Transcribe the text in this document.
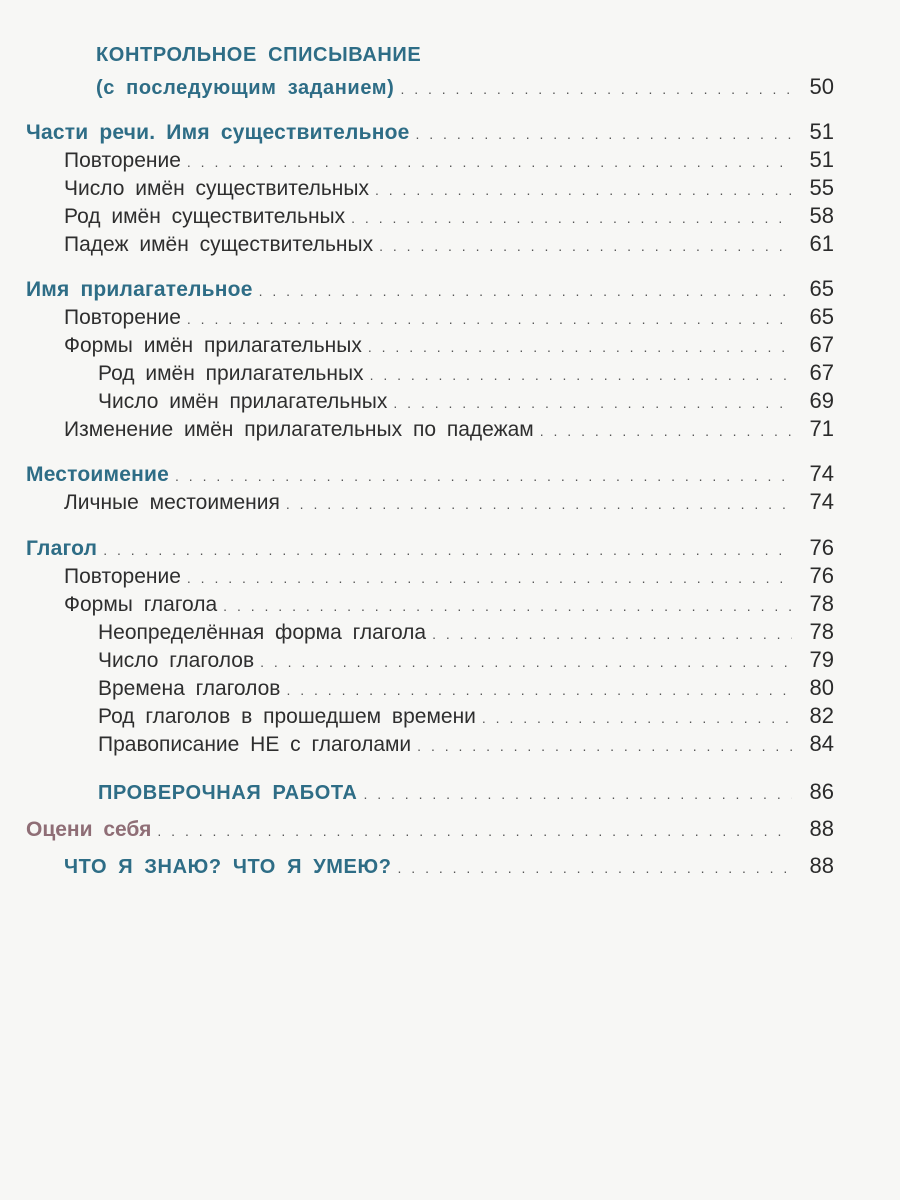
КОНТРОЛЬНОЕ СПИСЫВАНИЕ
(с последующим заданием) . . .	50
Части речи. Имя существительное . . .	51
Повторение . . .	51
Число имён существительных . . .	55
Род имён существительных . . .	58
Падеж имён существительных . . .	61
Имя прилагательное . . .	65
Повторение . . .	65
Формы имён прилагательных . . .	67
Род имён прилагательных . . .	67
Число имён прилагательных . . .	69
Изменение имён прилагательных по падежам . . .	71
Местоимение . . .	74
Личные местоимения . . .	74
Глагол . . .	76
Повторение . . .	76
Формы глагола . . .	78
Неопределённая форма глагола . . .	78
Число глаголов . . .	79
Времена глаголов . . .	80
Род глаголов в прошедшем времени . . .	82
Правописание НЕ с глаголами . . .	84
ПРОВЕРОЧНАЯ РАБОТА . . .	86
Оцени себя . . .	88
ЧТО Я ЗНАЮ? ЧТО Я УМЕЮ? . . .	88
